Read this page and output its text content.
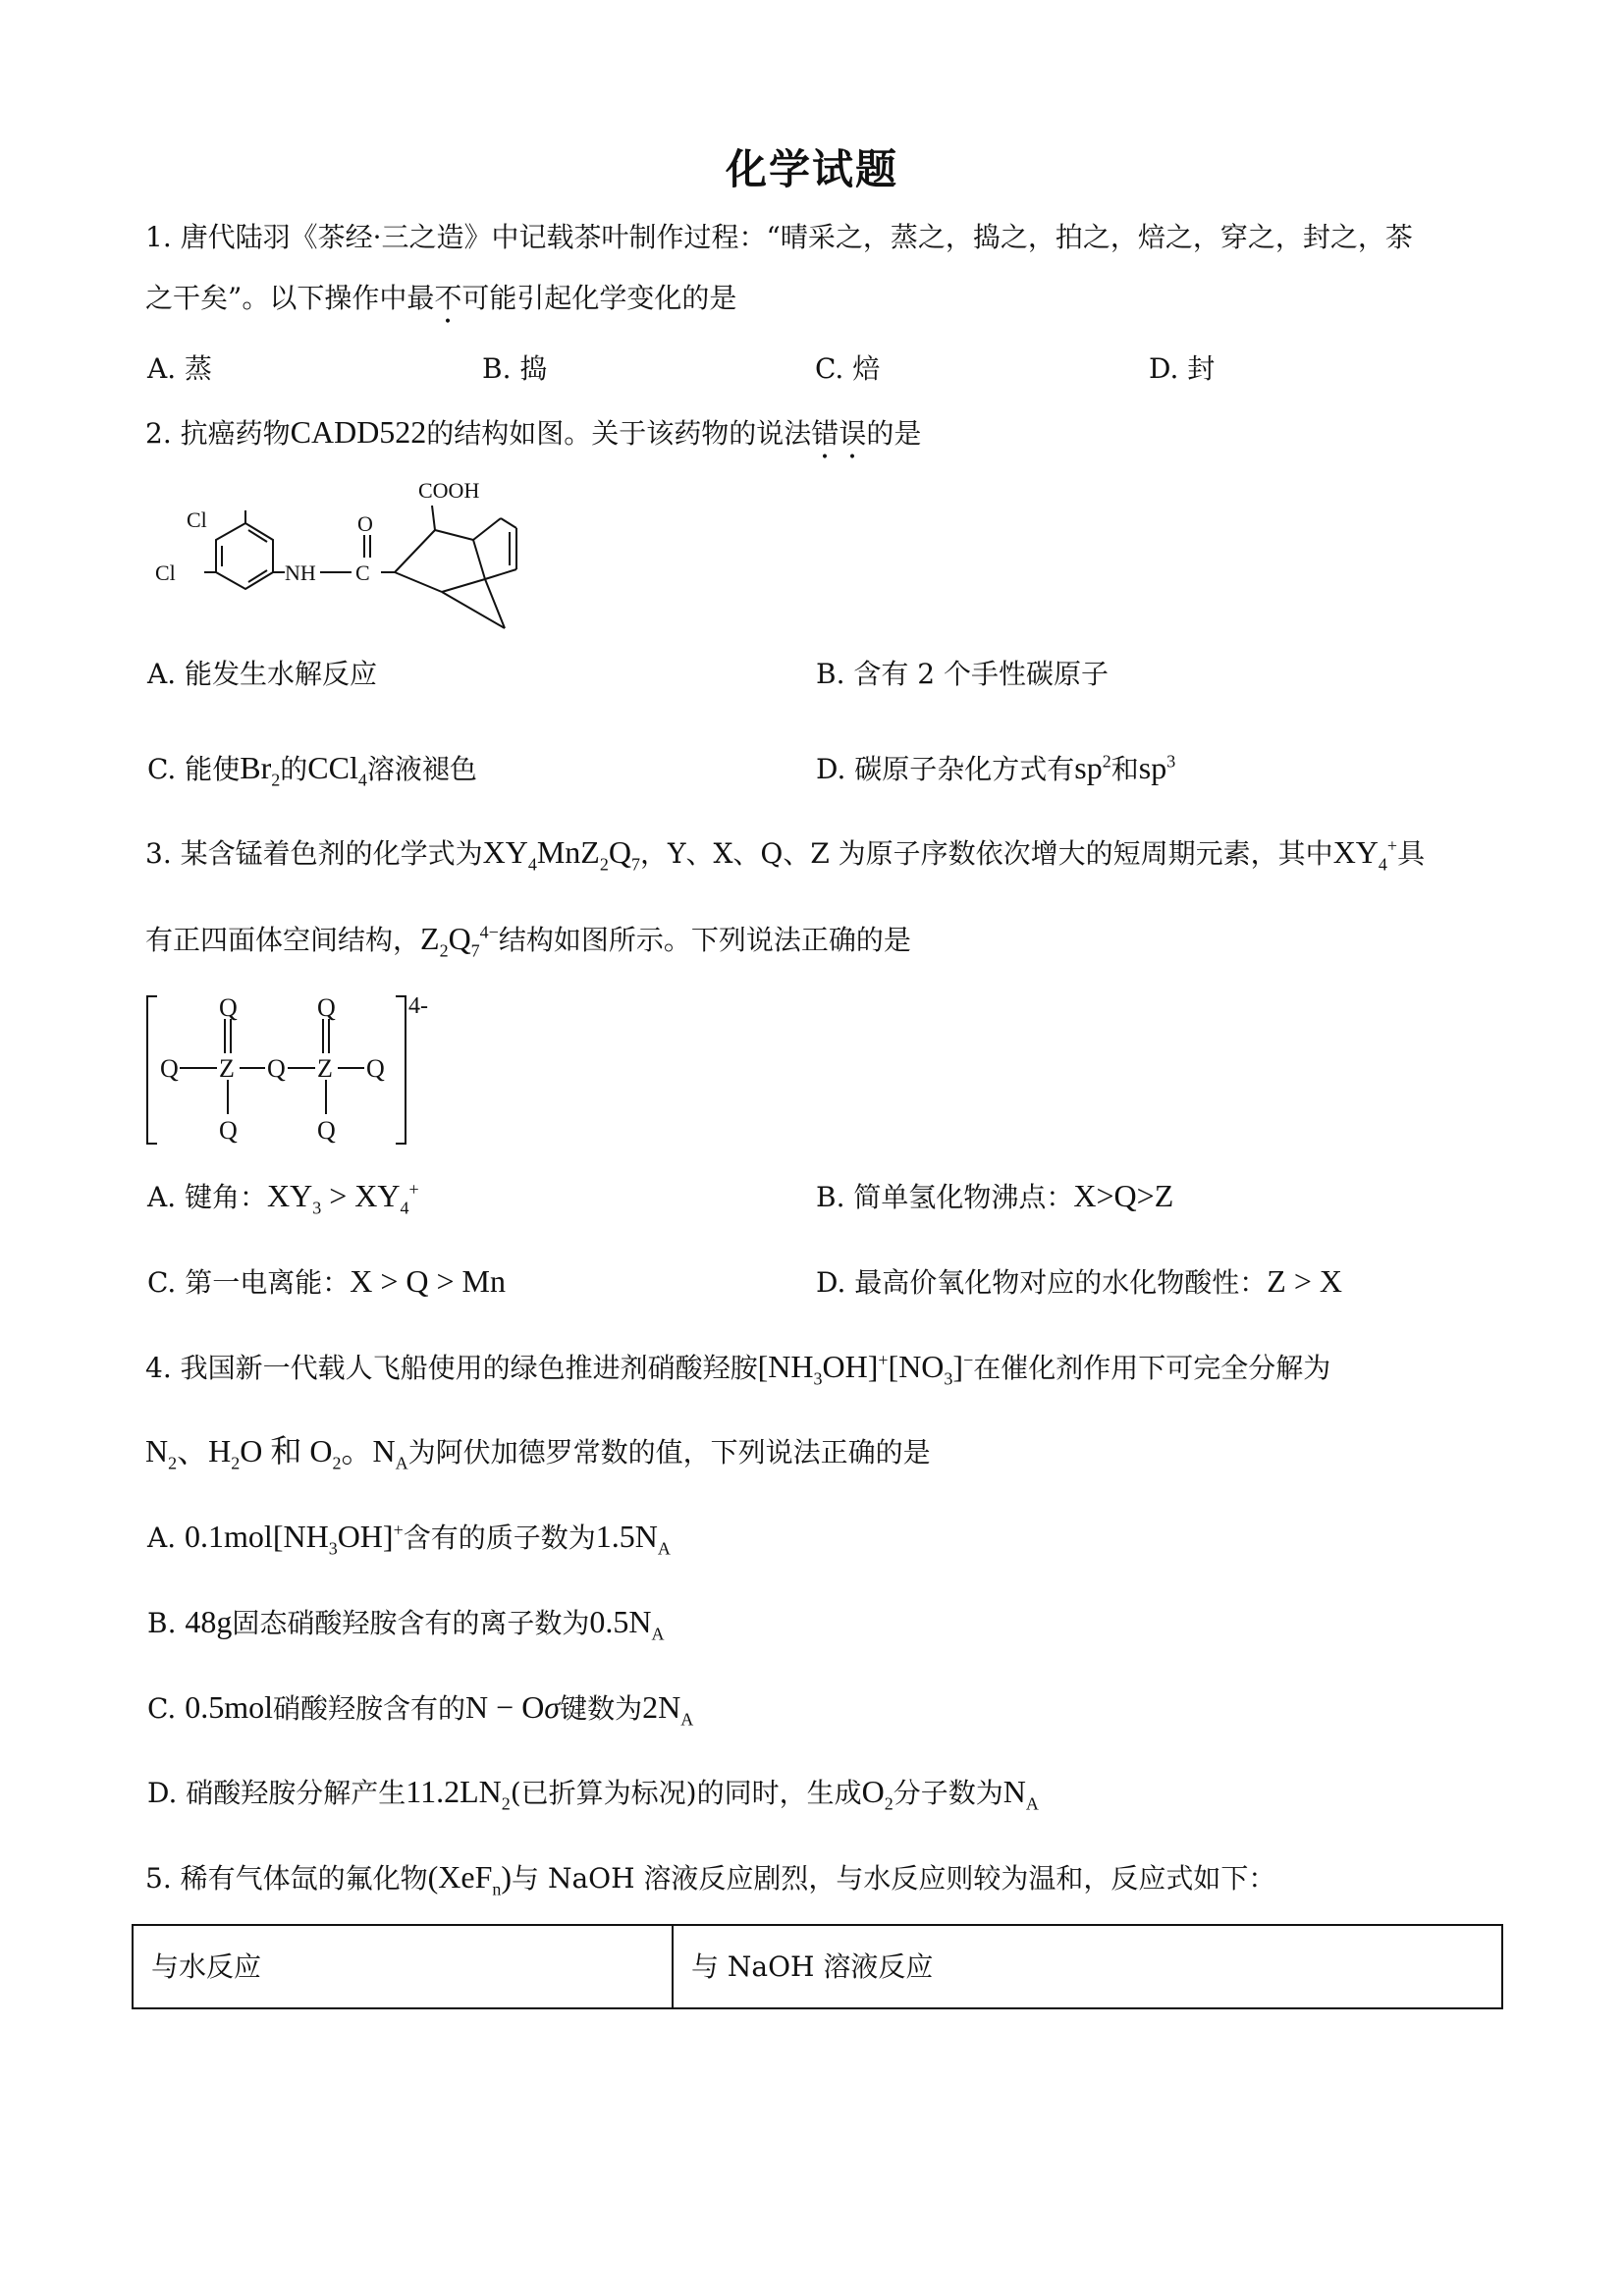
化学试题
1. 唐代陆羽《茶经·三之造》中记载茶叶制作过程：“晴采之，蒸之，捣之，拍之，焙之，穿之，封之，茶
之干矣”。以下操作中最不可能引起化学变化的是
A. 蒸	B. 捣	C. 焙	D. 封
2. 抗癌药物CADD522的结构如图。关于该药物的说法错误的是
Cl
Cl	NH
O
C
COOH
A. 能发生水解反应	B. 含有 2 个手性碳原子
C. 能使$Br_2$的CCl$_4$溶液褪色	D. 碳原子杂化方式有$sp^2$和$sp^3$
3. 某含锰着色剂的化学式为$XY_4MnZ_2Q_7$，Y、X、Q、Z 为原子序数依次增大的短周期元素，其中$XY_4^+$具
有正四面体空间结构，$Z_2Q_7^{4-}$结构如图所示。下列说法正确的是
Q	Q
Q Z Q Z Q
Q	Q
4-
A. 键角：$XY_3 > XY_4^+$	B. 简单氢化物沸点：X>Q>Z
C. 第一电离能：X > Q > Mn	D. 最高价氧化物对应的水化物酸性：Z > X
4. 我国新一代载人飞船使用的绿色推进剂硝酸羟胺$[NH_3OH]^+[NO_3]^-$在催化剂作用下可完全分解为
$N_2$、$H_2O$ 和 $O_2$。$N_A$为阿伏加德罗常数的值，下列说法正确的是
A. $0.1mol[NH_3OH]^+$含有的质子数为$1.5N_A$
B. 48g固态硝酸羟胺含有的离子数为$0.5N_A$
C. 0.5mol硝酸羟胺含有的N − Oσ键数为$2N_A$
D. 硝酸羟胺分解产生$11.2LN_2$(已折算为标况)的同时，生成$O_2$分子数为$N_A$
5. 稀有气体氙的氟化物(XeF$_n$)与 NaOH 溶液反应剧烈，与水反应则较为温和，反应式如下：
与水反应	与 NaOH 溶液反应
